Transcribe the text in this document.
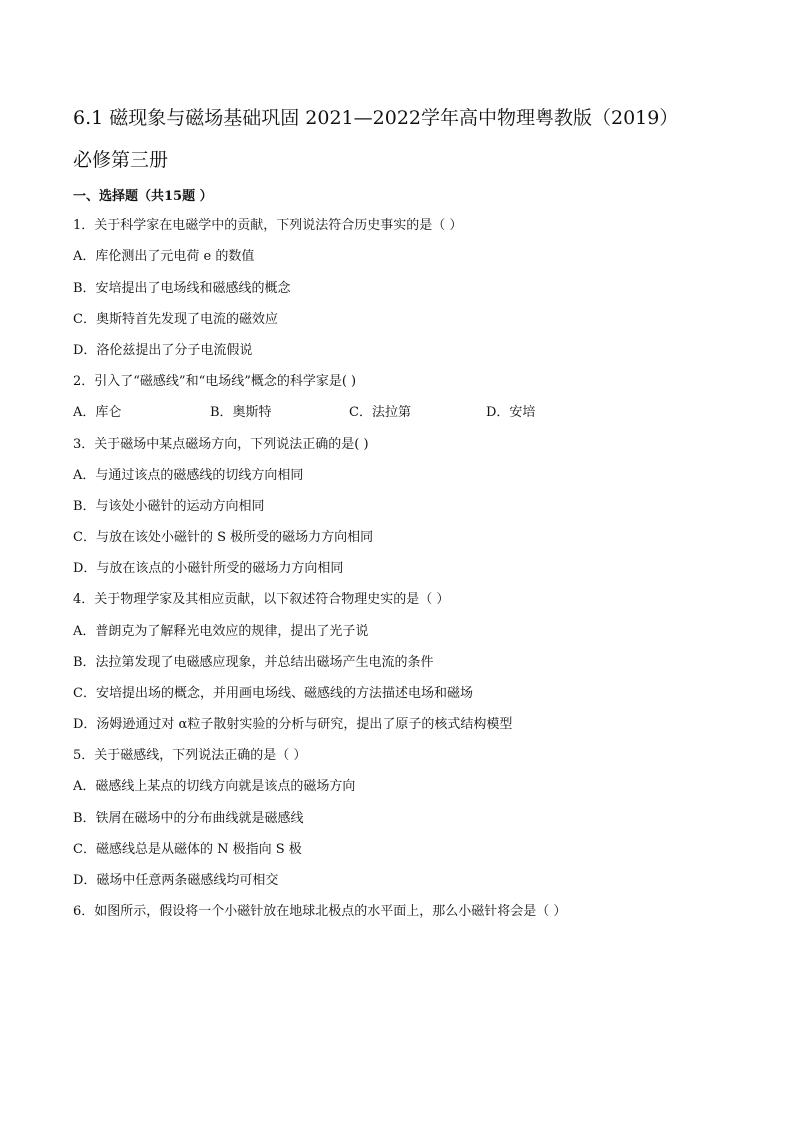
6.1 磁现象与磁场基础巩固 2021—2022学年高中物理粤教版（2019）
必修第三册
一、选择题（共15题 ）
1．关于科学家在电磁学中的贡献，下列说法符合历史事实的是（ ）
A．库伦测出了元电荷 e 的数值
B．安培提出了电场线和磁感线的概念
C．奥斯特首先发现了电流的磁效应
D．洛伦兹提出了分子电流假说
2．引入了“磁感线”和“电场线”概念的科学家是( )
A．库仑	B．奥斯特	C．法拉第	D．安培
3．关于磁场中某点磁场方向，下列说法正确的是( )
A．与通过该点的磁感线的切线方向相同
B．与该处小磁针的运动方向相同
C．与放在该处小磁针的 S 极所受的磁场力方向相同
D．与放在该点的小磁针所受的磁场力方向相同
4．关于物理学家及其相应贡献，以下叙述符合物理史实的是（ ）
A．普朗克为了解释光电效应的规律，提出了光子说
B．法拉第发现了电磁感应现象，并总结出磁场产生电流的条件
C．安培提出场的概念，并用画电场线、磁感线的方法描述电场和磁场
D．汤姆逊通过对 α粒子散射实验的分析与研究，提出了原子的核式结构模型
5．关于磁感线，下列说法正确的是（ ）
A．磁感线上某点的切线方向就是该点的磁场方向
B．铁屑在磁场中的分布曲线就是磁感线
C．磁感线总是从磁体的 N 极指向 S 极
D．磁场中任意两条磁感线均可相交
6．如图所示，假设将一个小磁针放在地球北极点的水平面上，那么小磁针将会是（ ）
